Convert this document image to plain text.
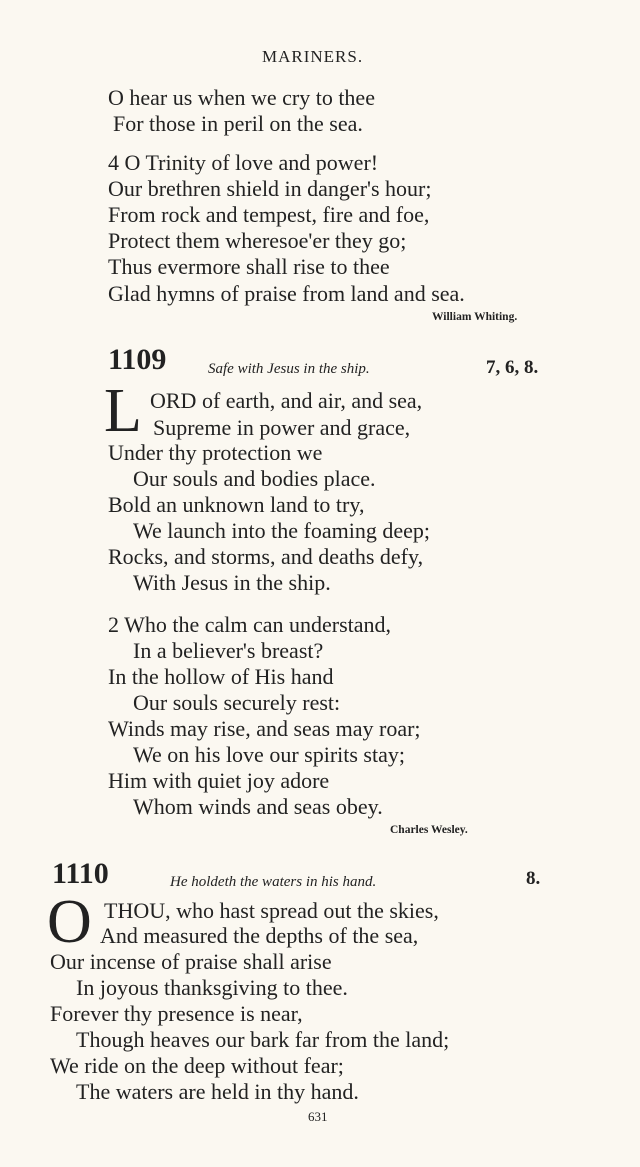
MARINERS.
O hear us when we cry to thee
For those in peril on the sea.
4 O Trinity of love and power!
Our brethren shield in danger's hour;
From rock and tempest, fire and foe,
Protect them wheresoe'er they go;
Thus evermore shall rise to thee
Glad hymns of praise from land and sea.
William Whiting.
1109	Safe with Jesus in the ship.	7, 6, 8.
L ORD of earth, and air, and sea,
Supreme in power and grace,
Under thy protection we
Our souls and bodies place.
Bold an unknown land to try,
We launch into the foaming deep;
Rocks, and storms, and deaths defy,
With Jesus in the ship.
2 Who the calm can understand,
In a believer's breast?
In the hollow of His hand
Our souls securely rest:
Winds may rise, and seas may roar;
We on his love our spirits stay;
Him with quiet joy adore
Whom winds and seas obey.
Charles Wesley.
1110	He holdeth the waters in his hand.	8.
O THOU, who hast spread out the skies,
And measured the depths of the sea,
Our incense of praise shall arise
In joyous thanksgiving to thee.
Forever thy presence is near,
Though heaves our bark far from the land;
We ride on the deep without fear;
The waters are held in thy hand.
631
